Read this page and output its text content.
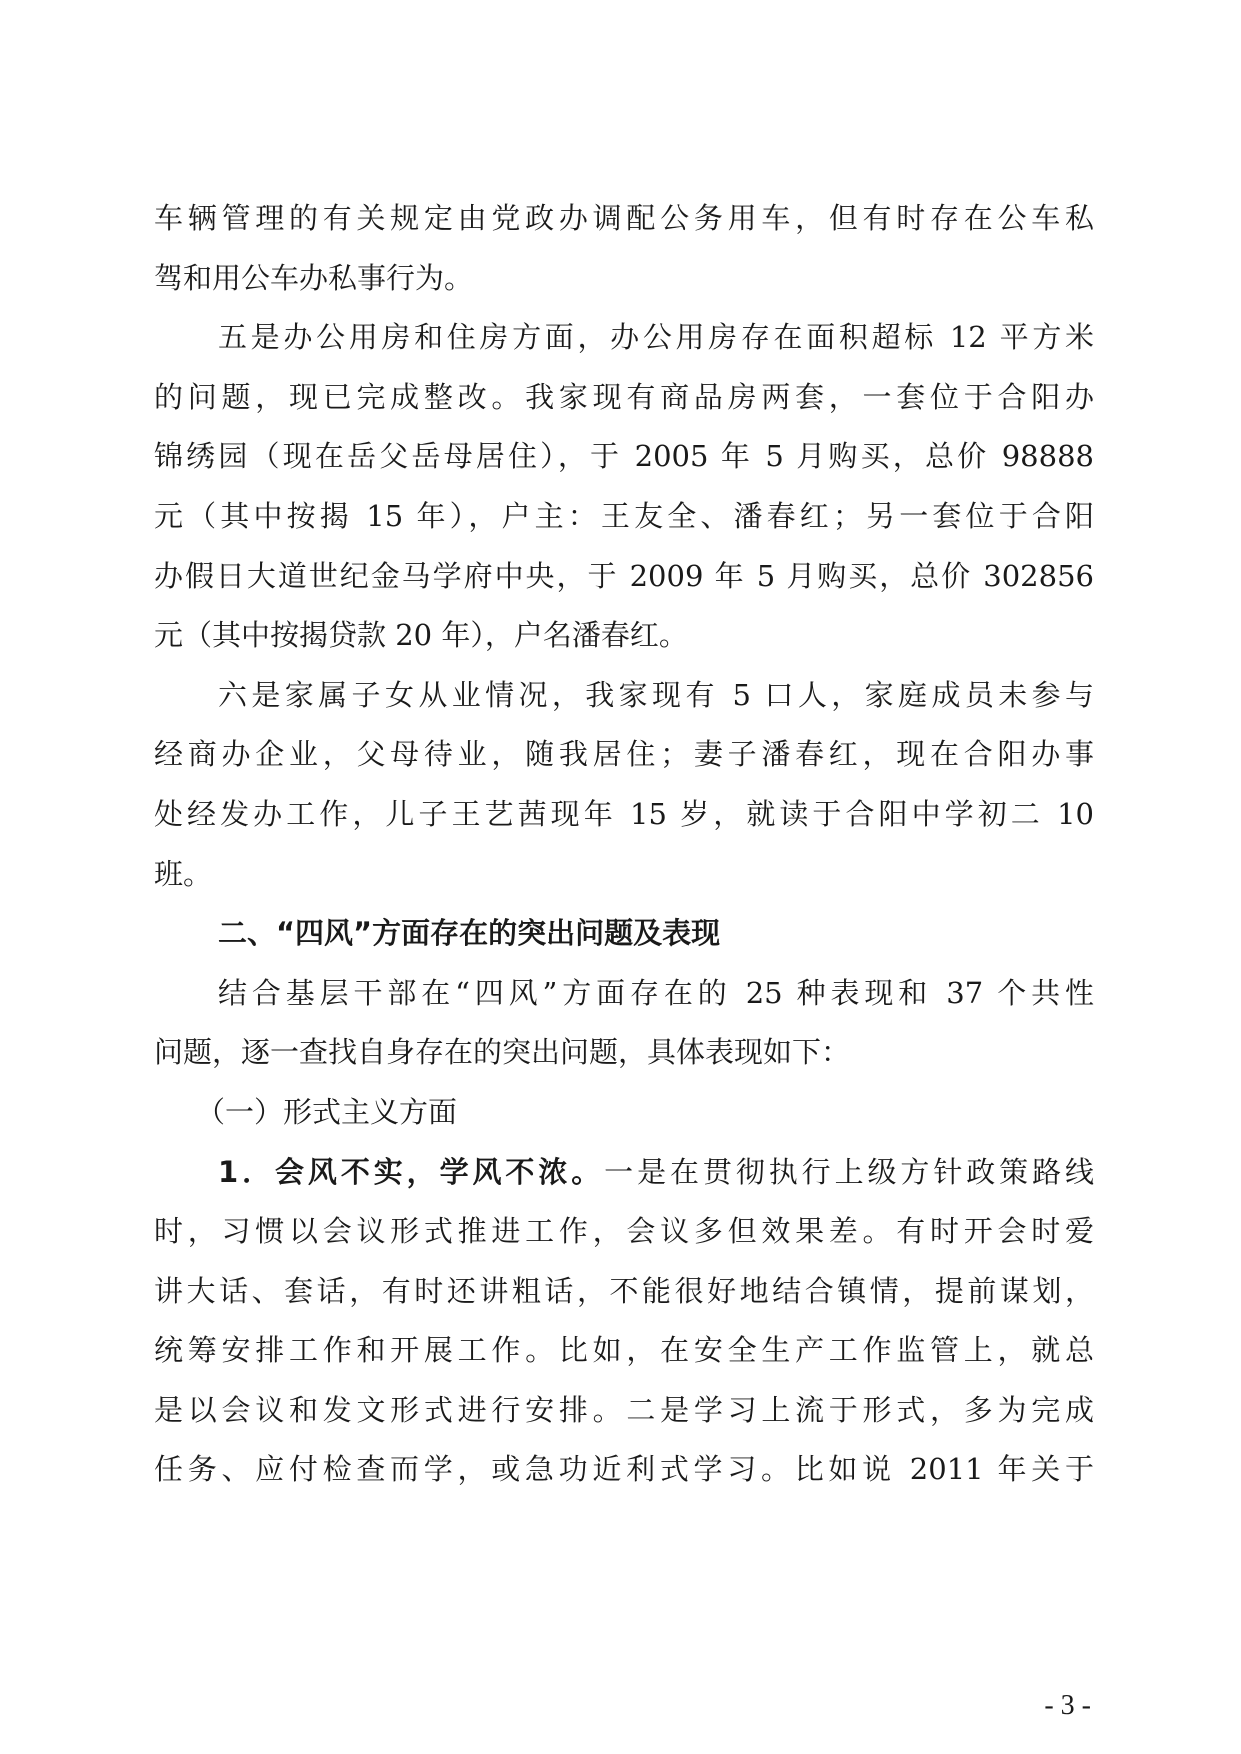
车辆管理的有关规定由党政办调配公务用车，但有时存在公车私
驾和用公车办私事行为。
五是办公用房和住房方面，办公用房存在面积超标 12 平方米
的问题，现已完成整改。我家现有商品房两套，一套位于合阳办
锦绣园（现在岳父岳母居住），于 2005 年 5 月购买，总价 98888
元（其中按揭 15 年），户主：王友全、潘春红；另一套位于合阳
办假日大道世纪金马学府中央，于 2009 年 5 月购买，总价 302856
元（其中按揭贷款 20 年），户名潘春红。
六是家属子女从业情况，我家现有 5 口人，家庭成员未参与
经商办企业，父母待业，随我居住；妻子潘春红，现在合阳办事
处经发办工作，儿子王艺茜现年 15 岁，就读于合阳中学初二 10
班。
二、“四风”方面存在的突出问题及表现
结合基层干部在“四风”方面存在的 25 种表现和 37 个共性
问题，逐一查找自身存在的突出问题，具体表现如下：
（一）形式主义方面
1．会风不实，学风不浓。一是在贯彻执行上级方针政策路线
时，习惯以会议形式推进工作，会议多但效果差。有时开会时爱
讲大话、套话，有时还讲粗话，不能很好地结合镇情，提前谋划，
统筹安排工作和开展工作。比如，在安全生产工作监管上，就总
是以会议和发文形式进行安排。二是学习上流于形式，多为完成
任务、应付检查而学，或急功近利式学习。比如说 2011 年关于
- 3 -
